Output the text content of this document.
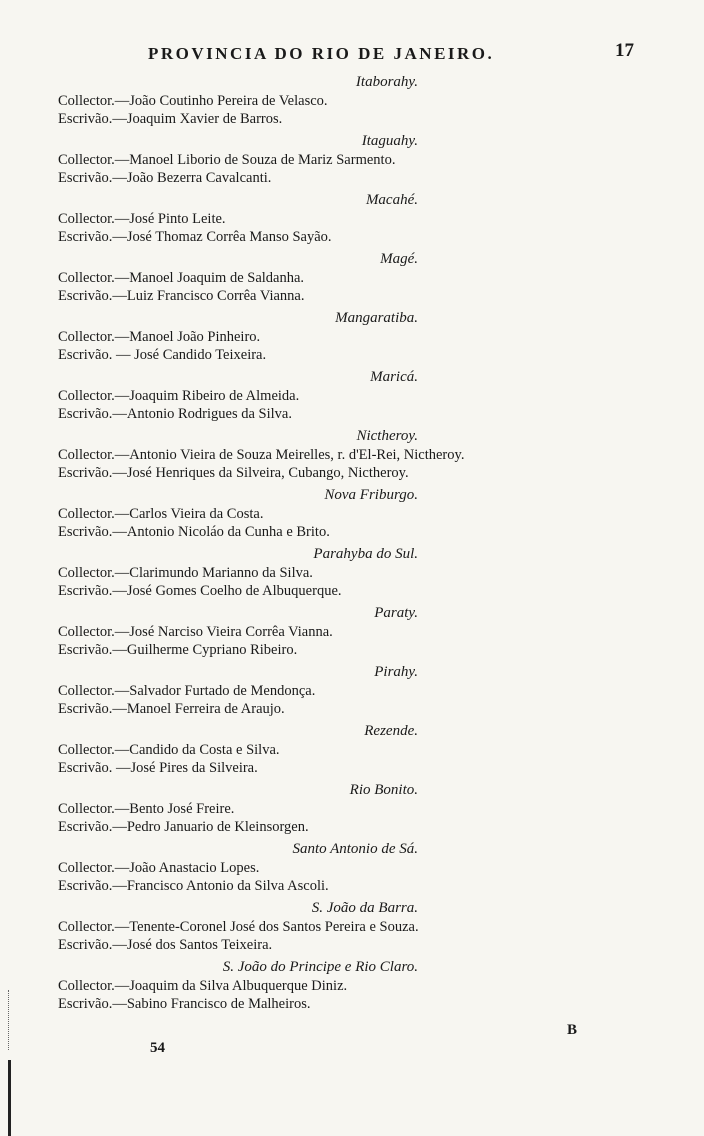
PROVINCIA DO RIO DE JANEIRO.	17
Itaborahy.
Collector.—João Coutinho Pereira de Velasco.
Escrivão.—Joaquim Xavier de Barros.
Itaguahy.
Collector.—Manoel Liborio de Souza de Mariz Sarmento.
Escrivão.—João Bezerra Cavalcanti.
Macahé.
Collector.—José Pinto Leite.
Escrivão.—José Thomaz Corrêa Manso Sayão.
Magé.
Collector.—Manoel Joaquim de Saldanha.
Escrivão.—Luiz Francisco Corrêa Vianna.
Mangaratiba.
Collector.—Manoel João Pinheiro.
Escrivão. — José Candido Teixeira.
Maricá.
Collector.—Joaquim Ribeiro de Almeida.
Escrivão.—Antonio Rodrigues da Silva.
Nictheroy.
Collector.—Antonio Vieira de Souza Meirelles, r. d'El-Rei, Nictheroy.
Escrivão.—José Henriques da Silveira, Cubango, Nictheroy.
Nova Friburgo.
Collector.—Carlos Vieira da Costa.
Escrivão.—Antonio Nicoláo da Cunha e Brito.
Parahyba do Sul.
Collector.—Clarimundo Marianno da Silva.
Escrivão.—José Gomes Coelho de Albuquerque.
Paraty.
Collector.—José Narciso Vieira Corrêa Vianna.
Escrivão.—Guilherme Cypriano Ribeiro.
Pirahy.
Collector.—Salvador Furtado de Mendonça.
Escrivão.—Manoel Ferreira de Araujo.
Rezende.
Collector.—Candido da Costa e Silva.
Escrivão. —José Pires da Silveira.
Rio Bonito.
Collector.—Bento José Freire.
Escrivão.—Pedro Januario de Kleinsorgen.
Santo Antonio de Sá.
Collector.—João Anastacio Lopes.
Escrivão.—Francisco Antonio da Silva Ascoli.
S. João da Barra.
Collector.—Tenente-Coronel José dos Santos Pereira e Souza.
Escrivão.—José dos Santos Teixeira.
S. João do Principe e Rio Claro.
Collector.—Joaquim da Silva Albuquerque Diniz.
Escrivão.—Sabino Francisco de Malheiros.
B
54
